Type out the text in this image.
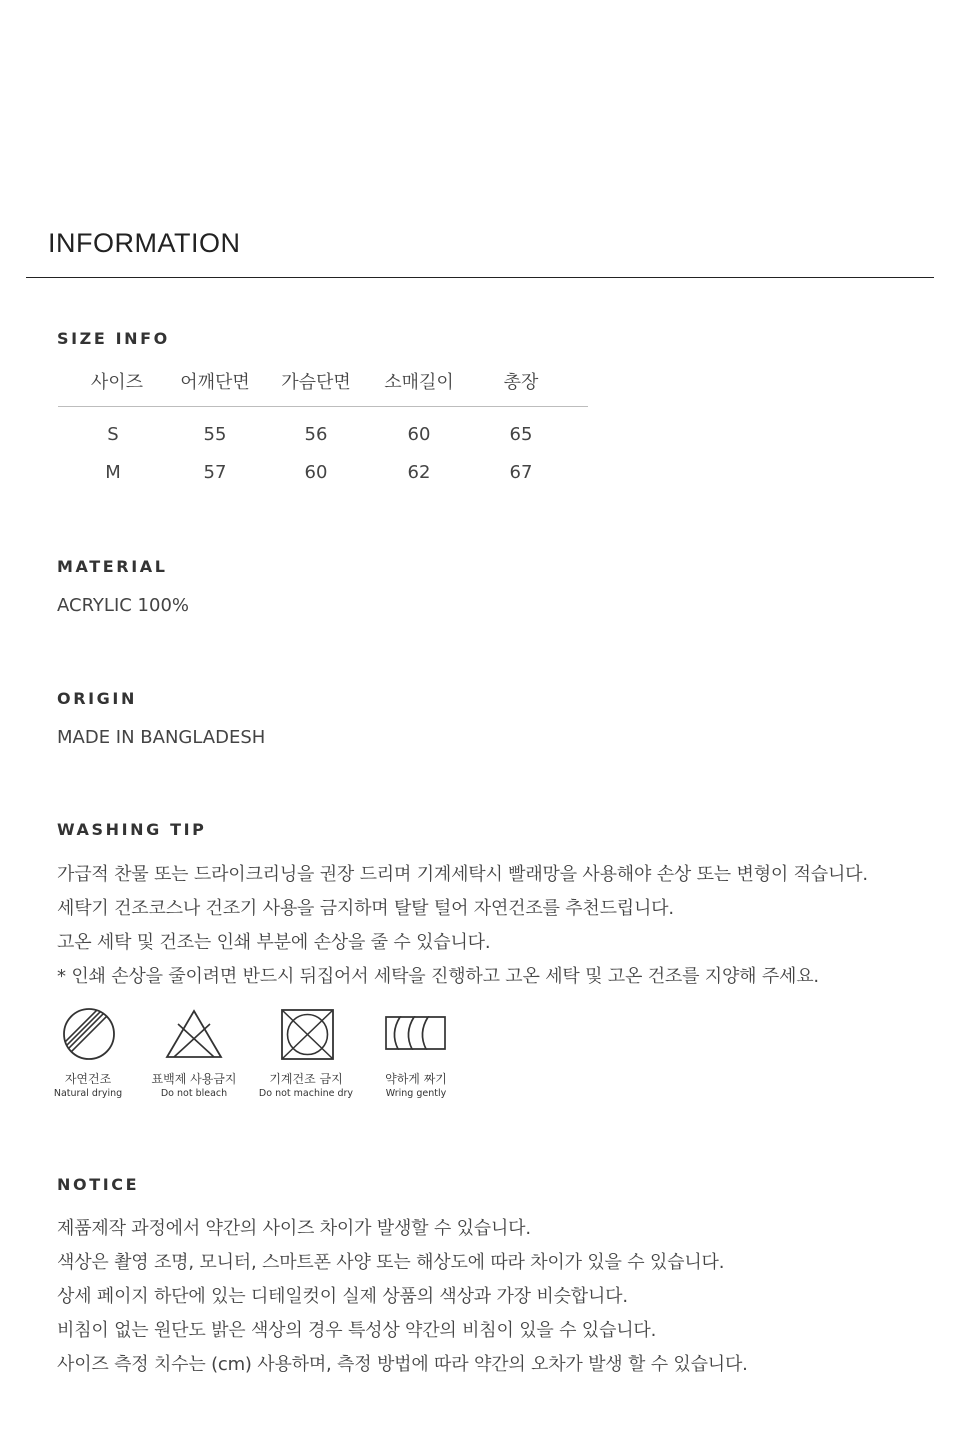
INFORMATION
SIZE INFO
사이즈	어깨단면	가슴단면	소매길이	총장
S	55	56	60	65
M	57	60	62	67
MATERIAL
ACRYLIC 100%
ORIGIN
MADE IN BANGLADESH
WASHING TIP
가급적 찬물 또는 드라이크리닝을 권장 드리며 기계세탁시 빨래망을 사용해야 손상 또는 변형이 적습니다.
세탁기 건조코스나 건조기 사용을 금지하며 탈탈 털어 자연건조를 추천드립니다.
고온 세탁 및 건조는 인쇄 부분에 손상을 줄 수 있습니다.
* 인쇄 손상을 줄이려면 반드시 뒤집어서 세탁을 진행하고 고온 세탁 및 고온 건조를 지양해 주세요.
자연건조
Natural drying
표백제 사용금지
Do not bleach
기계건조 금지
Do not machine dry
약하게 짜기
Wring gently
NOTICE
제품제작 과정에서 약간의 사이즈 차이가 발생할 수 있습니다.
색상은 촬영 조명, 모니터, 스마트폰 사양 또는 해상도에 따라 차이가 있을 수 있습니다.
상세 페이지 하단에 있는 디테일컷이 실제 상품의 색상과 가장 비슷합니다.
비침이 없는 원단도 밝은 색상의 경우 특성상 약간의 비침이 있을 수 있습니다.
사이즈 측정 치수는 (cm) 사용하며, 측정 방법에 따라 약간의 오차가 발생 할 수 있습니다.
